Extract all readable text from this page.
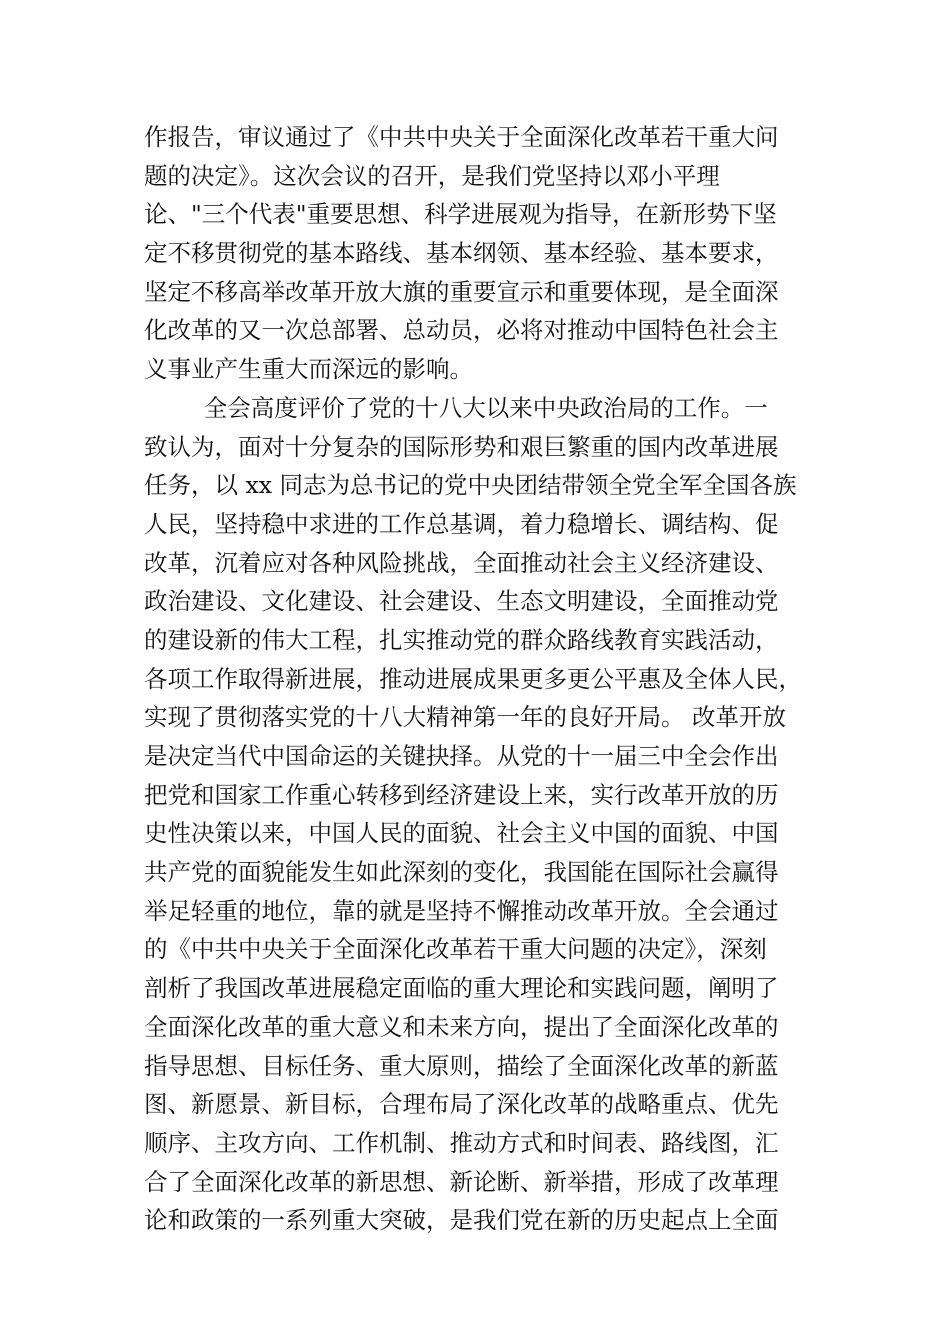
作报告，审议通过了《中共中央关于全面深化改革若干重大问
题的决定》。这次会议的召开，是我们党坚持以邓小平理
论、"三个代表"重要思想、科学进展观为指导，在新形势下坚
定不移贯彻党的基本路线、基本纲领、基本经验、基本要求，
坚定不移高举改革开放大旗的重要宣示和重要体现，是全面深
化改革的又一次总部署、总动员，必将对推动中国特色社会主
义事业产生重大而深远的影响。
全会高度评价了党的十八大以来中央政治局的工作。一
致认为，面对十分复杂的国际形势和艰巨繁重的国内改革进展
任务，以 xx 同志为总书记的党中央团结带领全党全军全国各族
人民，坚持稳中求进的工作总基调，着力稳增长、调结构、促
改革，沉着应对各种风险挑战，全面推动社会主义经济建设、
政治建设、文化建设、社会建设、生态文明建设，全面推动党
的建设新的伟大工程，扎实推动党的群众路线教育实践活动，
各项工作取得新进展，推动进展成果更多更公平惠及全体人民，
实现了贯彻落实党的十八大精神第一年的良好开局。 改革开放
是决定当代中国命运的关键抉择。从党的十一届三中全会作出
把党和国家工作重心转移到经济建设上来，实行改革开放的历
史性决策以来，中国人民的面貌、社会主义中国的面貌、中国
共产党的面貌能发生如此深刻的变化，我国能在国际社会赢得
举足轻重的地位，靠的就是坚持不懈推动改革开放。全会通过
的《中共中央关于全面深化改革若干重大问题的决定》，深刻
剖析了我国改革进展稳定面临的重大理论和实践问题，阐明了
全面深化改革的重大意义和未来方向，提出了全面深化改革的
指导思想、目标任务、重大原则，描绘了全面深化改革的新蓝
图、新愿景、新目标，合理布局了深化改革的战略重点、优先
顺序、主攻方向、工作机制、推动方式和时间表、路线图，汇
合了全面深化改革的新思想、新论断、新举措，形成了改革理
论和政策的一系列重大突破，是我们党在新的历史起点上全面
